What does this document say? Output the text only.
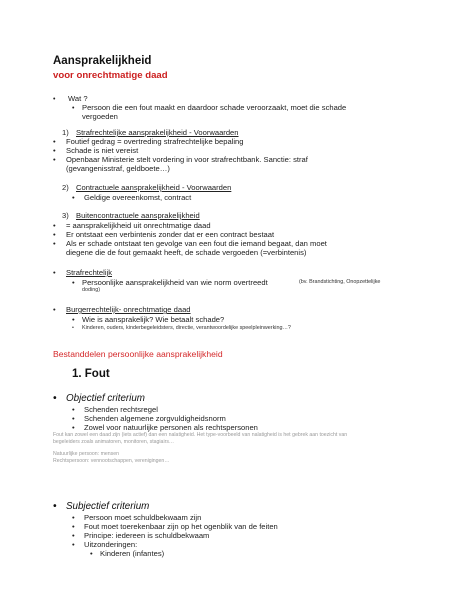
Aansprakelijkheid
voor onrechtmatige daad
• Wat ?
• Persoon die een fout maakt en daardoor schade veroorzaakt, moet die schade
vergoeden
1) Strafrechtelijke aansprakelijkheid - Voorwaarden
• Foutief gedrag = overtreding strafrechtelijke bepaling
• Schade is niet vereist
• Openbaar Ministerie stelt vordering in voor strafrechtbank. Sanctie: straf
(gevangenisstraf, geldboete…)
2) Contractuele aansprakelijkheid - Voorwaarden
• Geldige overeenkomst, contract
3) Buitencontractuele aansprakelijkheid
• = aansprakelijkheid uit onrechtmatige daad
• Er ontstaat een verbintenis zonder dat er een contract bestaat
• Als er schade ontstaat ten gevolge van een fout die iemand begaat, dan moet
diegene die de fout gemaakt heeft, de schade vergoeden (=verbintenis)
• Strafrechtelijk
• Persoonlijke aansprakelijkheid van wie norm overtreedt	(bv. Brandstichting, Onopzettelijke
doding)
• Burgerrechtelijk- onrechtmatige daad
• Wie is aansprakelijk? Wie betaalt schade?
• Kinderen, ouders, kinderbegeleidsters, directie, verantwoordelijke speelpleinwerking…?
Bestanddelen persoonlijke aansprakelijkheid
1. Fout
• Objectief criterium
• Schenden rechtsregel
• Schenden algemene zorgvuldigheidsnorm
• Zowel voor natuurlijke personen als rechtspersonen
Fout kan zowel een daad zijn (iets actief) dan een nalatigheid. Het type-voorbeeld van nalatigheid is het gebrek aan toezicht van
begeleiders zoals animatoren, monitoren, stagiairs…
Natuurlijke persoon: mensen
Rechtspersoon: vennootschappen, verenigingen…
• Subjectief criterium
• Persoon moet schuldbekwaam zijn
• Fout moet toerekenbaar zijn op het ogenblik van de feiten
• Principe: iedereen is schuldbekwaam
• Uitzonderingen:
• Kinderen (infantes)
